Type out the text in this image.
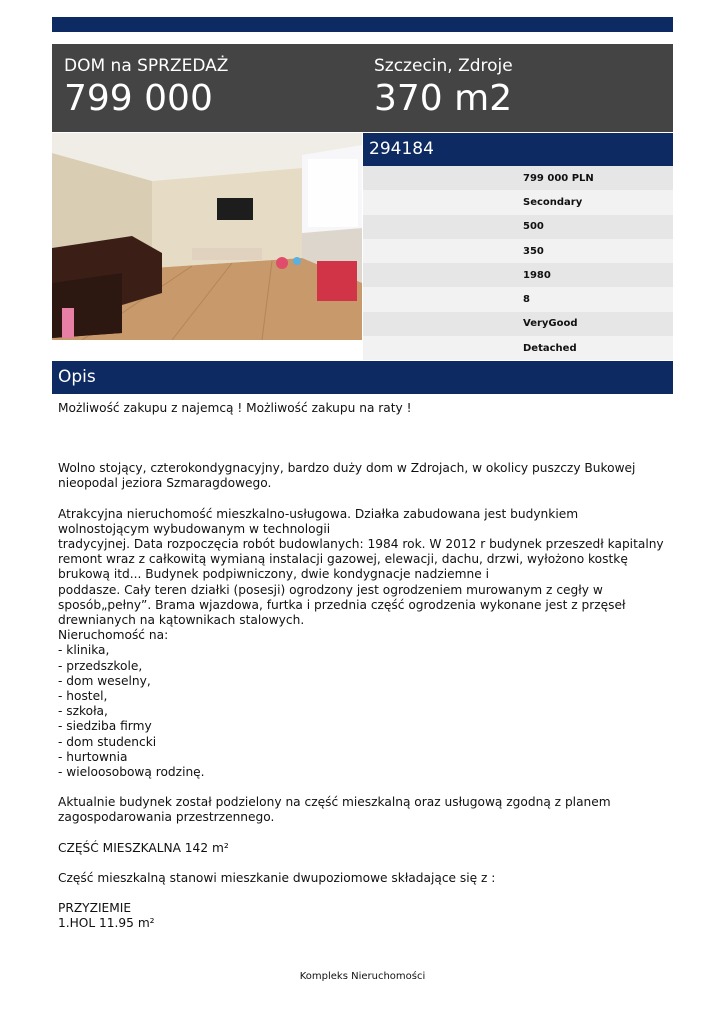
DOM na SPRZEDAŻ
799 000
Szczecin, Zdroje
370 m2
294184
799 000 PLN
Secondary
500
350
1980
8
VeryGood
Detached
Opis

Możliwość zakupu z najemcą ! Możliwość zakupu na raty !

Wolno stojący, czterokondygnacyjny, bardzo duży dom w Zdrojach, w okolicy puszczy Bukowej

nieopodal jeziora Szmaragdowego.

Atrakcyjna nieruchomość mieszkalno-usługowa. Działka zabudowana jest budynkiem

wolnostojącym wybudowanym w technologii

tradycyjnej. Data rozpoczęcia robót budowlanych: 1984 rok. W 2012 r budynek przeszedł kapitalny

remont wraz z całkowitą wymianą instalacji gazowej, elewacji, dachu, drzwi, wyłożono kostkę

brukową itd... Budynek podpiwniczony, dwie kondygnacje nadziemne i

poddasze. Cały teren działki (posesji) ogrodzony jest ogrodzeniem murowanym z cegły w

sposób„pełny”. Brama wjazdowa, furtka i przednia część ogrodzenia wykonane jest z przęseł

drewnianych na kątownikach stalowych.

Nieruchomość na:

- klinika,

- przedszkole,

- dom weselny,

- hostel,

- szkoła,

- siedziba firmy

- dom studencki

- hurtownia

- wieloosobową rodzinę.

Aktualnie budynek został podzielony na część mieszkalną oraz usługową zgodną z planem

zagospodarowania przestrzennego.

CZĘŚĆ MIESZKALNA 142 m²

Część mieszkalną stanowi mieszkanie dwupoziomowe składające się z :

PRZYZIEMIE

1.HOL 11.95 m²

Kompleks Nieruchomości
